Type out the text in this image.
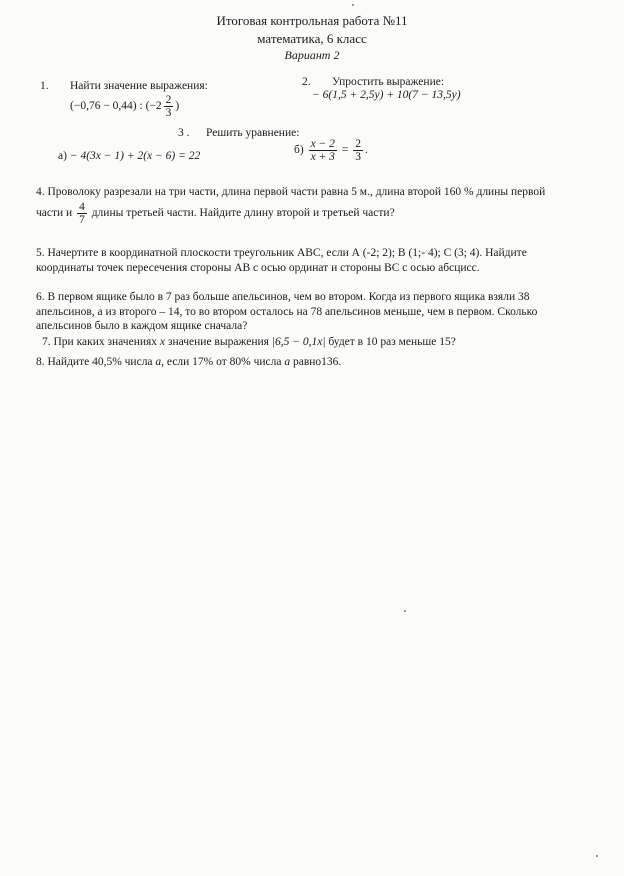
Итоговая контрольная работа №11
математика, 6 класс
Вариант 2
1. Найти значение выражения:
(−0,76 − 0,44) : ($-2 \frac{2}{3}$ )
2. Упростить выражение:
− 6(1,5 + 2,5y) + 10(7 − 13,5y)
3 . Решить уравнение:
а) − 4(3x − 1) + 2(x − 6) = 22	$б) \frac{x - 2}{x + 3} = \frac{2}{3}$ .
4. Проволоку разрезали на три части, длина первой части равна 5 м., длина второй 160 % длины первой
части и $\frac{4}{7}$ длины третьей части. Найдите длину второй и третьей части?
5. Начертите в координатной плоскости треугольник АВС, если А (-2; 2); В (1;- 4); С (3; 4). Найдите
координаты точек пересечения стороны АВ с осью ординат и стороны ВС с осью абсцисс.
6. В первом ящике было в 7 раз больше апельсинов, чем во втором. Когда из первого ящика взяли 38
апельсинов, а из второго – 14, то во втором осталось на 78 апельсинов меньше, чем в первом. Сколько
апельсинов было в каждом ящике сначала?
7. При каких значениях x значение выражения |6,5 − 0,1x| будет в 10 раз меньше 15?
8. Найдите 40,5% числа a, если 17% от 80% числа a равно136.
